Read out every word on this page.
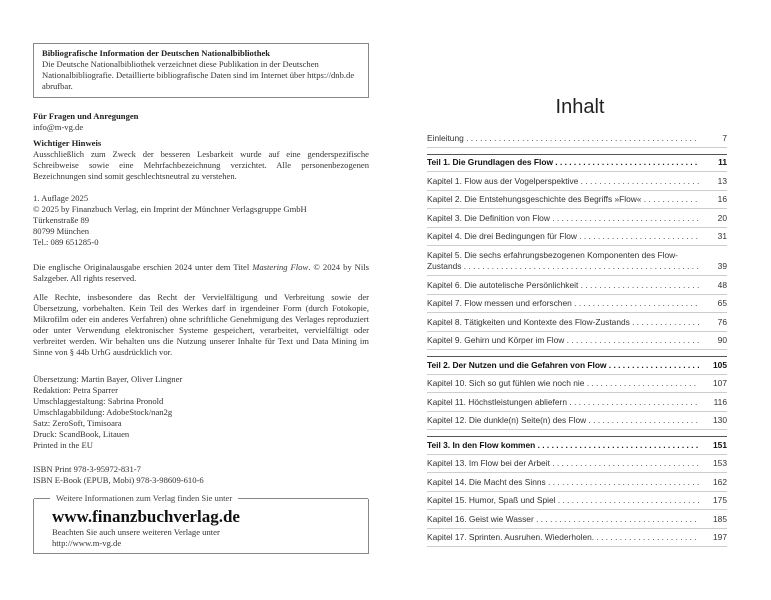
Bibliografische Information der Deutschen Nationalbibliothek
Die Deutsche Nationalbibliothek verzeichnet diese Publikation in der Deutschen Nationalbibliografie. Detaillierte bibliografische Daten sind im Internet über https://dnb.de abrufbar.
Für Fragen und Anregungen
info@m-vg.de
Wichtiger Hinweis
Ausschließlich zum Zweck der besseren Lesbarkeit wurde auf eine genderspezifische Schreibweise sowie eine Mehrfachbezeichnung verzichtet. Alle personenbezogenen Bezeichnungen sind somit geschlechtsneutral zu verstehen.
1. Auflage 2025
© 2025 by Finanzbuch Verlag, ein Imprint der Münchner Verlagsgruppe GmbH
Türkenstraße 89
80799 München
Tel.: 089 651285-0
Die englische Originalausgabe erschien 2024 unter dem Titel Mastering Flow. © 2024 by Nils Salzgeber. All rights reserved.
Alle Rechte, insbesondere das Recht der Vervielfältigung und Verbreitung sowie der Übersetzung, vorbehalten. Kein Teil des Werkes darf in irgendeiner Form (durch Fotokopie, Mikrofilm oder ein anderes Verfahren) ohne schriftliche Genehmigung des Verlages reproduziert oder unter Verwendung elektronischer Systeme gespeichert, verarbeitet, vervielfältigt oder verbreitet werden. Wir behalten uns die Nutzung unserer Inhalte für Text und Data Mining im Sinne von § 44b UrhG ausdrücklich vor.
Übersetzung: Martin Bayer, Oliver Lingner
Redaktion: Petra Sparrer
Umschlaggestaltung: Sabrina Pronold
Umschlagabbildung: AdobeStock/nan2g
Satz: ZeroSoft, Timisoara
Druck: ScandBook, Litauen
Printed in the EU
ISBN Print 978-3-95972-831-7
ISBN E-Book (EPUB, Mobi) 978-3-98609-610-6
Weitere Informationen zum Verlag finden Sie unter
www.finanzbuchverlag.de
Beachten Sie auch unsere weiteren Verlage unter
http://www.m-vg.de
Inhalt
Einleitung . . .	7
Teil 1. Die Grundlagen des Flow . . .	11
Kapitel 1. Flow aus der Vogelperspektive . . .	13
Kapitel 2. Die Entstehungsgeschichte des Begriffs »Flow« . . .	16
Kapitel 3. Die Definition von Flow . . .	20
Kapitel 4. Die drei Bedingungen für Flow . . .	31
Kapitel 5. Die sechs erfahrungsbezogenen Komponenten des Flow-Zustands . . .	39
Kapitel 6. Die autotelische Persönlichkeit . . .	48
Kapitel 7. Flow messen und erforschen . . .	65
Kapitel 8. Tätigkeiten und Kontexte des Flow-Zustands . . .	76
Kapitel 9. Gehirn und Körper im Flow . . .	90
Teil 2. Der Nutzen und die Gefahren von Flow . . .	105
Kapitel 10. Sich so gut fühlen wie noch nie . . .	107
Kapitel 11. Höchstleistungen abliefern . . .	116
Kapitel 12. Die dunkle(n) Seite(n) des Flow . . .	130
Teil 3. In den Flow kommen . . .	151
Kapitel 13. Im Flow bei der Arbeit . . .	153
Kapitel 14. Die Macht des Sinns . . .	162
Kapitel 15. Humor, Spaß und Spiel . . .	175
Kapitel 16. Geist wie Wasser . . .	185
Kapitel 17. Sprinten. Ausruhen. Wiederholen. . . .	197
